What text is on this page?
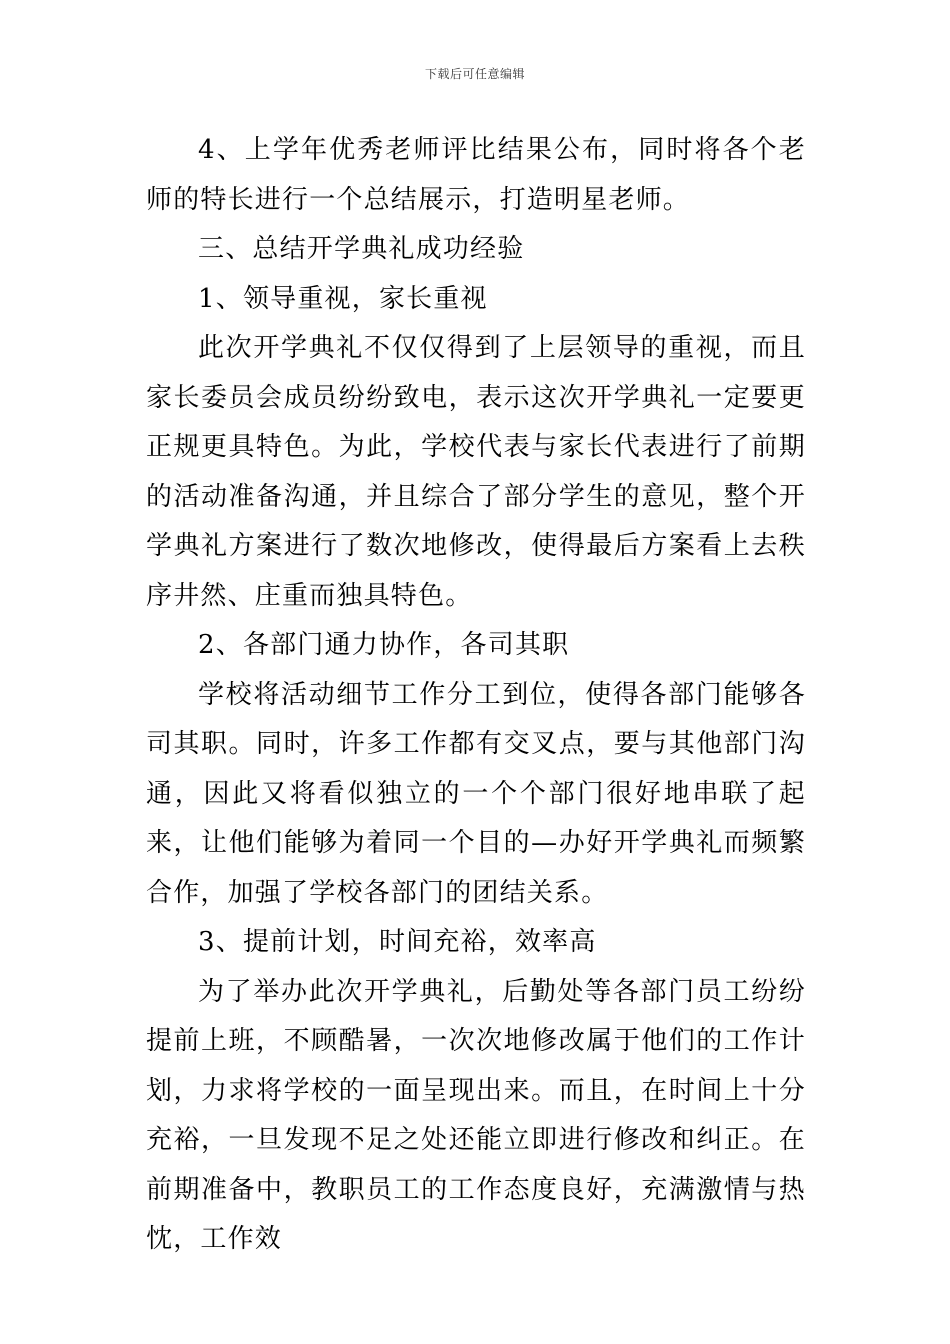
下载后可任意编辑

4、上学年优秀老师评比结果公布，同时将各个老师的特长进行一个总结展示，打造明星老师。

三、总结开学典礼成功经验

1、领导重视，家长重视

此次开学典礼不仅仅得到了上层领导的重视，而且家长委员会成员纷纷致电，表示这次开学典礼一定要更正规更具特色。为此，学校代表与家长代表进行了前期的活动准备沟通，并且综合了部分学生的意见，整个开学典礼方案进行了数次地修改，使得最后方案看上去秩序井然、庄重而独具特色。

2、各部门通力协作，各司其职

学校将活动细节工作分工到位，使得各部门能够各司其职。同时，许多工作都有交叉点，要与其他部门沟通，因此又将看似独立的一个个部门很好地串联了起来，让他们能够为着同一个目的—办好开学典礼而频繁合作，加强了学校各部门的团结关系。

3、提前计划，时间充裕，效率高

为了举办此次开学典礼，后勤处等各部门员工纷纷提前上班，不顾酷暑，一次次地修改属于他们的工作计划，力求将学校的一面呈现出来。而且，在时间上十分充裕，一旦发现不足之处还能立即进行修改和纠正。在前期准备中，教职员工的工作态度良好，充满激情与热忱，工作效
